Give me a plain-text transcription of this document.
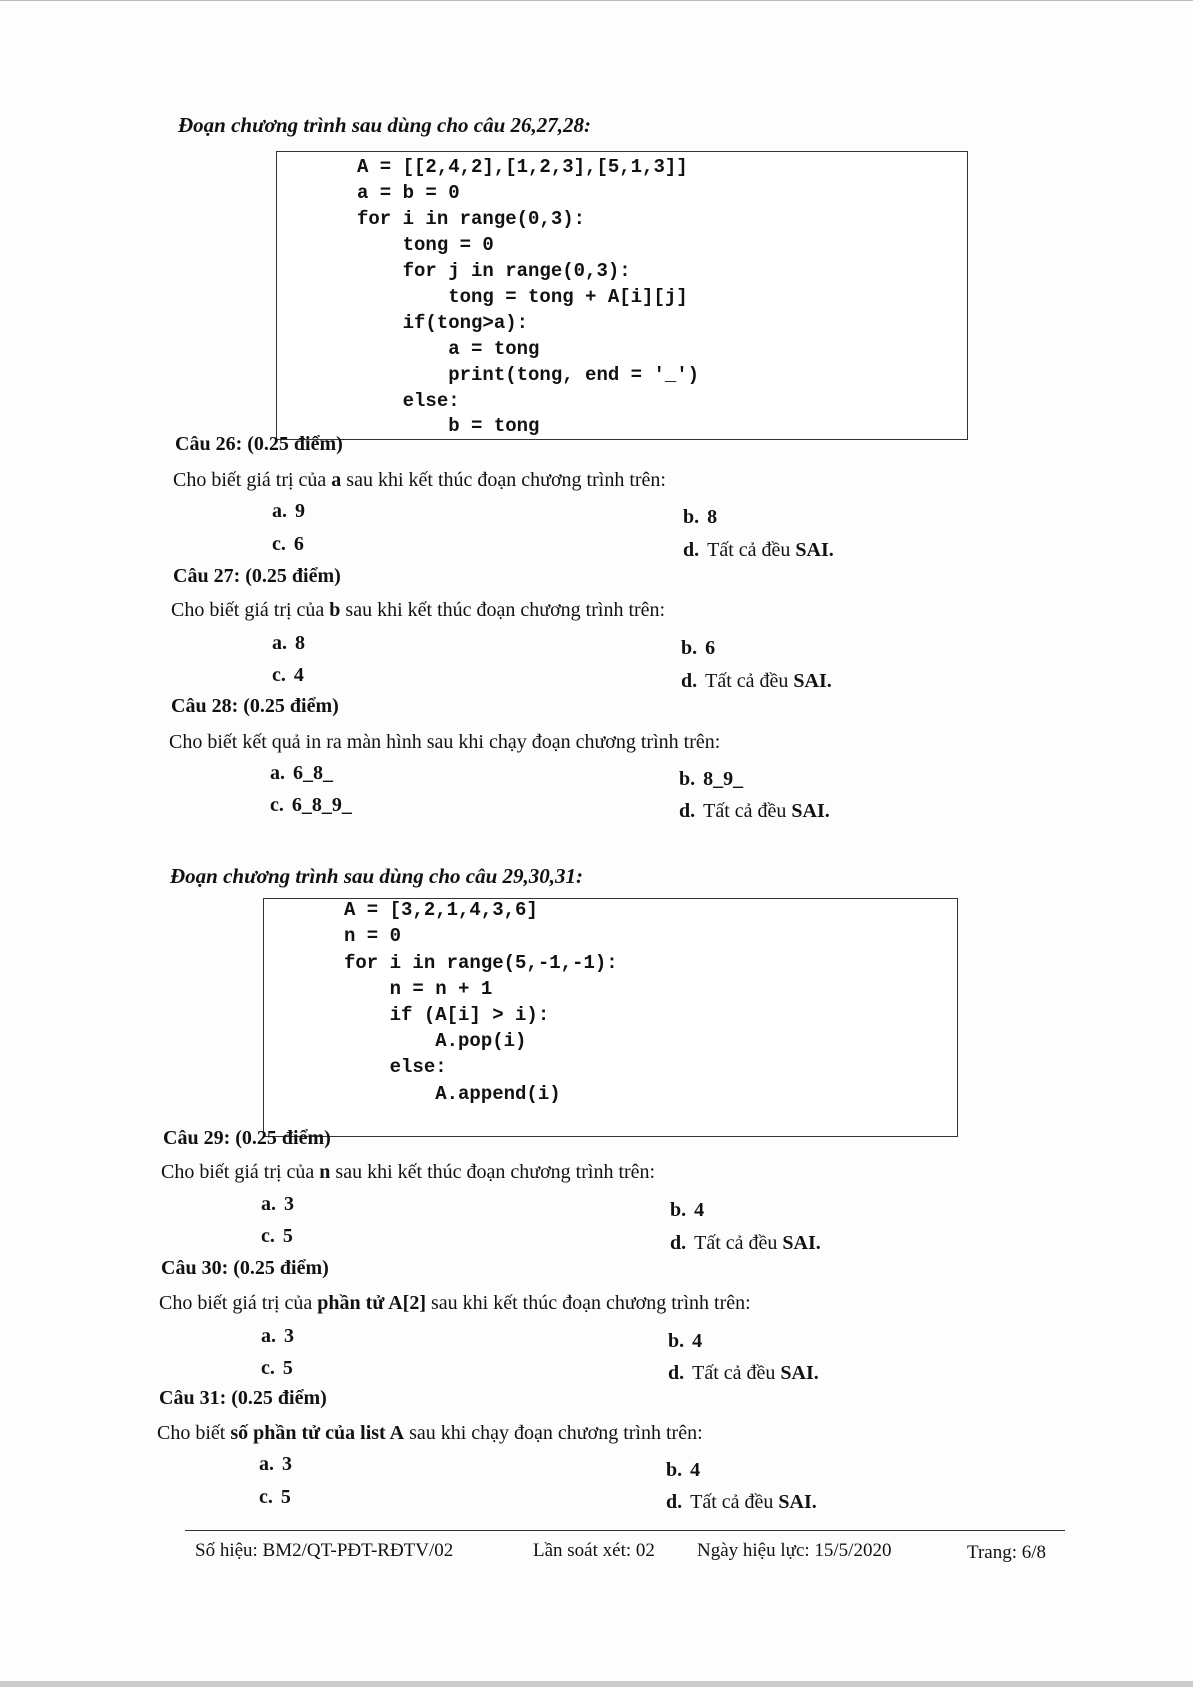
Đoạn chương trình sau dùng cho câu 26,27,28:
A = [[2,4,2],[1,2,3],[5,1,3]]
a = b = 0
for i in range(0,3):
tong = 0
for j in range(0,3):
tong = tong + A[i][j]
if(tong>a):
a = tong
print(tong, end = '_')
else:
b = tong
Câu 26: (0.25 điểm)
Cho biết giá trị của a sau khi kết thúc đoạn chương trình trên:
a. 9	b. 8
c. 6	d. Tất cả đều SAI.
Câu 27: (0.25 điểm)
Cho biết giá trị của b sau khi kết thúc đoạn chương trình trên:
a. 8	b. 6
c. 4	d. Tất cả đều SAI.
Câu 28: (0.25 điểm)
Cho biết kết quả in ra màn hình sau khi chạy đoạn chương trình trên:
a. 6_8_	b. 8_9_
c. 6_8_9_	d. Tất cả đều SAI.
Đoạn chương trình sau dùng cho câu 29,30,31:
A = [3,2,1,4,3,6]
n = 0
for i in range(5,-1,-1):
n = n + 1
if (A[i] > i):
A.pop(i)
else:
A.append(i)
Câu 29: (0.25 điểm)
Cho biết giá trị của n sau khi kết thúc đoạn chương trình trên:
a. 3	b. 4
c. 5	d. Tất cả đều SAI.
Câu 30: (0.25 điểm)
Cho biết giá trị của phần tử A[2] sau khi kết thúc đoạn chương trình trên:
a. 3	b. 4
c. 5	d. Tất cả đều SAI.
Câu 31: (0.25 điểm)
Cho biết số phần tử của list A sau khi chạy đoạn chương trình trên:
a. 3	b. 4
c. 5	d. Tất cả đều SAI.
Số hiệu: BM2/QT-PĐT-RĐTV/02	Lần soát xét: 02 Ngày hiệu lực: 15/5/2020	Trang: 6/8
